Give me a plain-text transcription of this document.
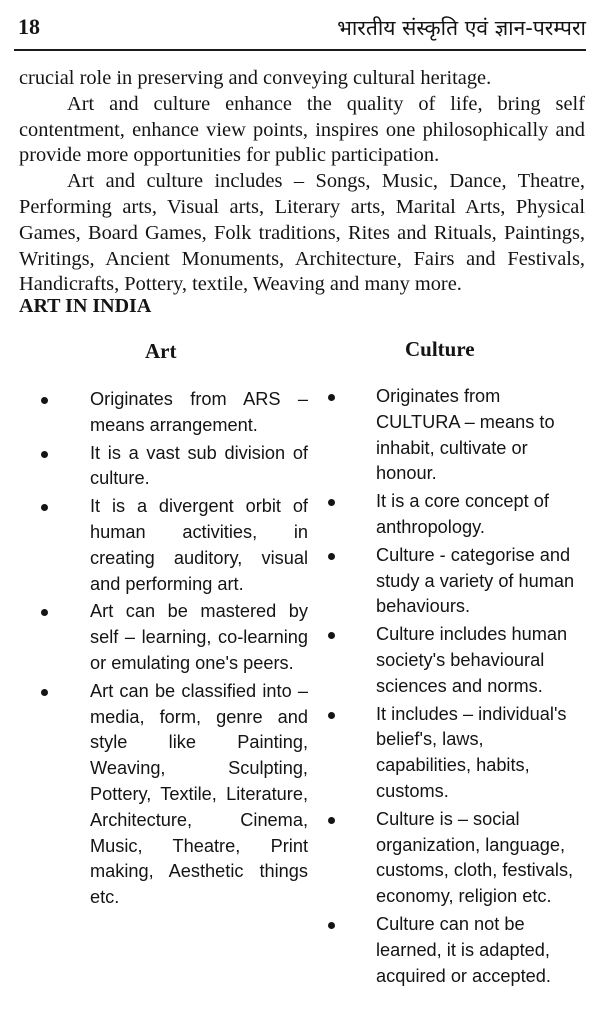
18	भारतीय संस्कृति एवं ज्ञान-परम्परा

crucial role in preserving and conveying cultural heritage.

Art and culture enhance the quality of life, bring self contentment, enhance view points, inspires one philosophically and provide more opportunities for public participation.

Art and culture includes – Songs, Music, Dance, Theatre, Performing arts, Visual arts, Literary arts, Marital Arts, Physical Games, Board Games, Folk traditions, Rites and Rituals, Paintings, Writings, Ancient Monuments, Architecture, Fairs and Festivals, Handicrafts, Pottery, textile, Weaving and many more.

ART IN INDIA
Art	Culture
Originates from ARS – means arrangement.
It is a vast sub division of culture.
It is a divergent orbit of human activities, in creating auditory, visual and performing art.
Art can be mastered by self – learning, co-learning or emulating one's peers.
Art can be classified into – media, form, genre and style like Painting, Weaving, Sculpting, Pottery, Textile, Literature, Architecture, Cinema, Music, Theatre, Print making, Aesthetic things etc.
Originates from CULTURA – means to inhabit, cultivate or honour.
It is a core concept of anthropology.
Culture - categorise and study a variety of human behaviours.
Culture includes human society's behavioural sciences and norms.
It includes – individual's belief's, laws, capabilities, habits, customs.
Culture is – social organization, language, customs, cloth, festivals, economy, religion etc.
Culture can not be learned, it is adapted, acquired or accepted.
